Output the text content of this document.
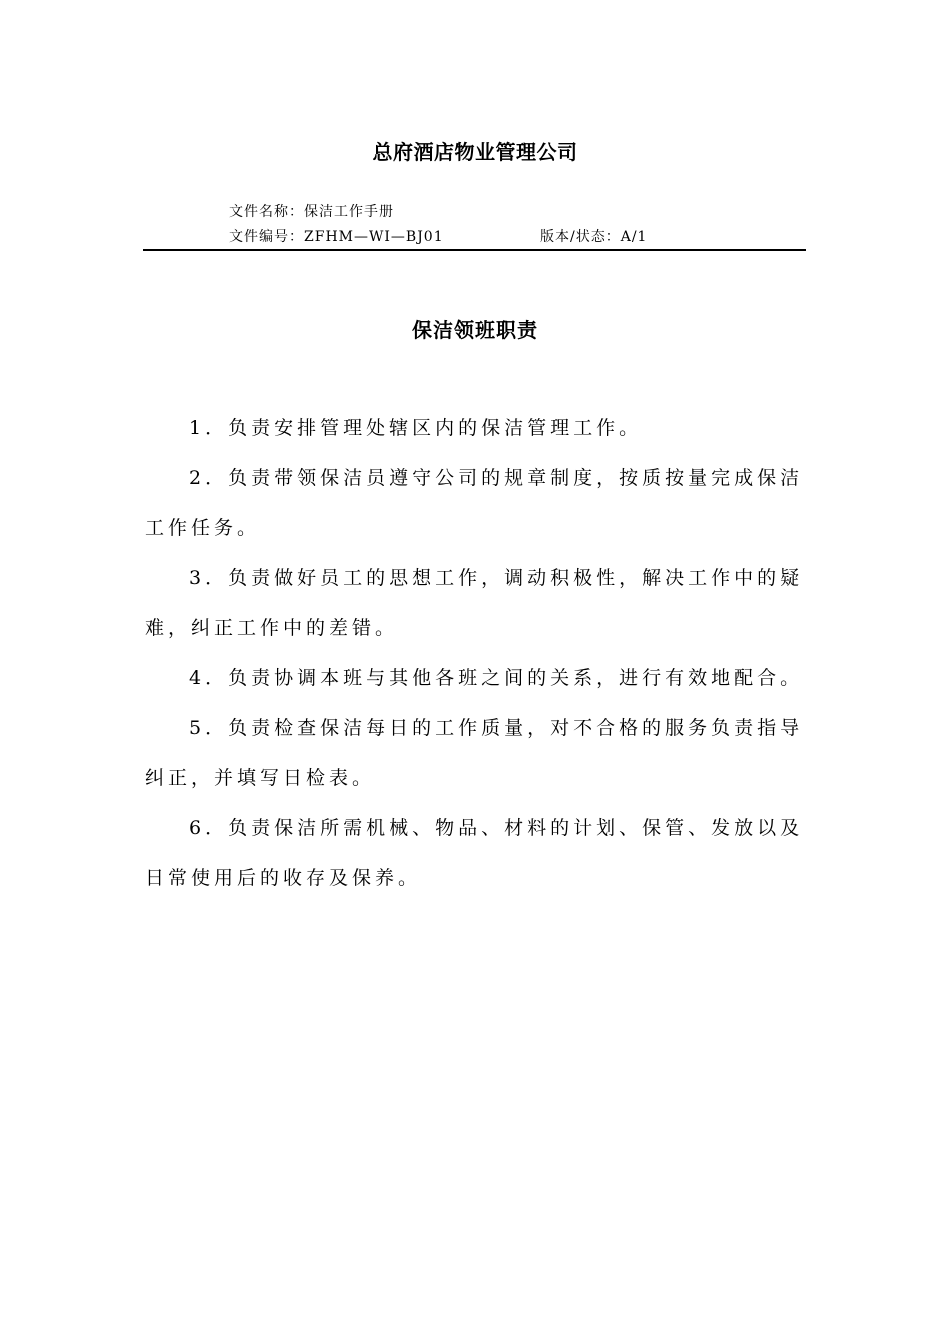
总府酒店物业管理公司
文件名称：保洁工作手册
文件编号：ZFHM—WI—BJ01	版本/状态：A/1
保洁领班职责

1．负责安排管理处辖区内的保洁管理工作。

2．负责带领保洁员遵守公司的规章制度，按质按量完成保洁工作任务。

3．负责做好员工的思想工作，调动积极性，解决工作中的疑难，纠正工作中的差错。

4．负责协调本班与其他各班之间的关系，进行有效地配合。

5．负责检查保洁每日的工作质量，对不合格的服务负责指导纠正，并填写日检表。

6．负责保洁所需机械、物品、材料的计划、保管、发放以及日常使用后的收存及保养。
